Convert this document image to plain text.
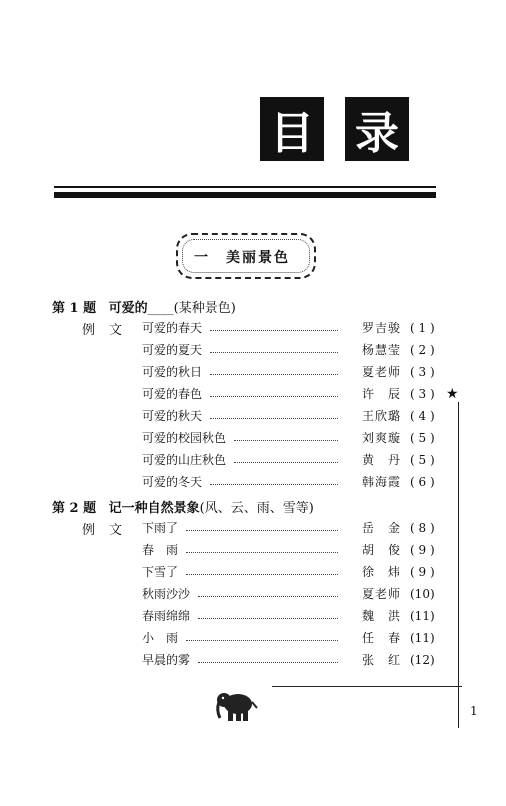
目 录
一 美丽景色
第 1 题 可爱的____(某种景色)
例文 可爱的春天	罗吉骏 ( 1 )
可爱的夏天	杨慧莹 ( 2 )
可爱的秋日	夏老师 ( 3 )
可爱的春色	许　辰 ( 3 )
可爱的秋天	王欣璐 ( 4 )
可爱的校园秋色	刘爽璇 ( 5 )
可爱的山庄秋色	黄　丹 ( 5 )
可爱的冬天	韩海霞 ( 6 )
第 2 题 记一种自然景象(风、云、雨、雪等)
例文 下雨了	岳　金 ( 8 )
春　雨	胡　俊 ( 9 )
下雪了	徐　炜 ( 9 )
秋雨沙沙	夏老师 (10)
春雨绵绵	魏　洪 (11)
小　雨	任　春 (11)
早晨的雾	张　红 (12)
★
1
